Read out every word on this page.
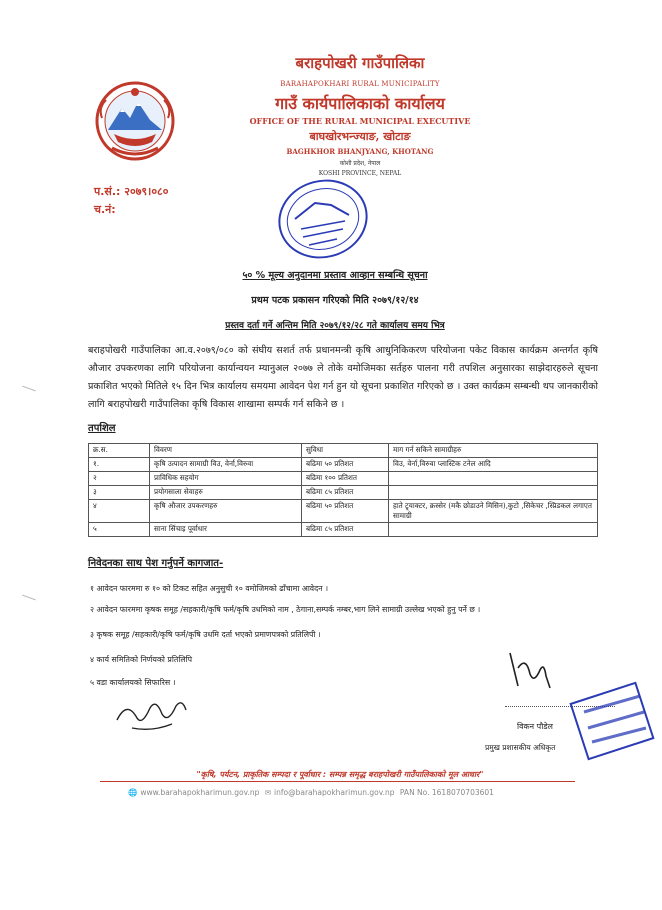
बराहपोखरी गाउँपालिका
BARAHAPOKHARI RURAL MUNICIPALITY
गाउँ कार्यपालिकाको कार्यालय
OFFICE OF THE RURAL MUNICIPAL EXECUTIVE
बाघखोरभन्ज्याङ, खोटाङ
BAGHKHOR BHANJYANG, KHOTANG
कोशी प्रदेश, नेपाल
KOSHI PROVINCE, NEPAL
प.सं.: २०७९।०८०
च.नं:
५० % मूल्य अनुदानमा प्रस्ताव आव्हान सम्बन्धि सूचना
प्रथम पटक प्रकासन गरिएको मिति २०७९/१२/१४
प्रस्तव दर्ता गर्ने अन्तिम मिति २०७९/१२/२८ गते कार्यालय समय भित्र
बराहपोखरी गाउँपालिका आ.व.२०७९/०८० को संघीय सशर्त तर्फ प्रधानमन्त्री कृषि आधुनिकिकरण परियोजना पकेट विकास कार्यक्रम अन्तर्गत कृषि औजार उपकरणका लागि परियोजना कार्यान्वयन म्यानुअल २०७७ ले तोके वमोजिमका सर्तहरु पालना गरी तपशिल अनुसारका साझेदारहरुले सूचना प्रकाशित भएको मितिले १५ दिन भित्र कार्यालय समयमा आवेदन पेश गर्न हुन यो सूचना प्रकाशित गरिएको छ । उक्त कार्यक्रम सम्बन्धी थप जानकारीको लागि बराहपोखरी गाउँपालिका कृषि विकास शाखामा सम्पर्क गर्न सकिने छ ।
तपशिल
क्र.स.	विवरण	सुविधा	माग गर्न सकिने सामाग्रीहरु
१.	कृषि उत्पादन सामाग्री विउ, वेर्ना,विरुवा	बढिमा ५० प्रतिशत	विउ, वेर्ना,विरुवा प्लास्टिक टनेल आदि
२	प्राविधिक सहयोग	बढिमा १०० प्रतिशत	
३	प्रयोगसाला सेवाहरु	बढिमा ८५ प्रतिशत	
४	कृषि औजार उपकरणहरु	बढिमा ५० प्रतिशत	हाते ट्र्याक्टर, क्रस्सेर (मकै छोडाउने मिसिन),कुटो ,सिकेचर ,स्प्रिडकल लगाएत सामाग्री
५	साना सिंचाइ पूर्वाधार	बढिमा ८५ प्रतिशत	
निवेदनका साथ पेश गर्नुपर्ने कागजात-
१ आवेदन फारममा रु १० को टिकट सहित अनुसुची १० वमोजिमको ढाँचामा आवेदन ।
२ आवेदन फारममा कृषक समूह /सहकारी/कृषि फर्म/कृषि उधमिको नाम , ठेगाना,सम्पर्क नम्बर,भाग लिने सामाग्री उल्लेख भएको हुनु पर्ने छ ।
३ कृषक समूह /सहकारी/कृषि फर्म/कृषि उधमि दर्ता भएको प्रमाणपत्रको प्रतिलिपी ।
४ कार्य समितिको निर्णयको प्रतिलिपि
५ वडा कार्यालयको सिफारिस ।
विकन पौडेल
प्रमुख प्रशासकीय अधिकृत
"कृषि, पर्यटन, प्राकृतिक सम्पदा र पूर्वाधार : सम्पन्न समृद्ध बराहपोखरी गाउँपालिकाको मूल आधार"
🌐 www.barahapokharimun.gov.np ✉ info@barahapokharimun.gov.np PAN No. 1618070703601
